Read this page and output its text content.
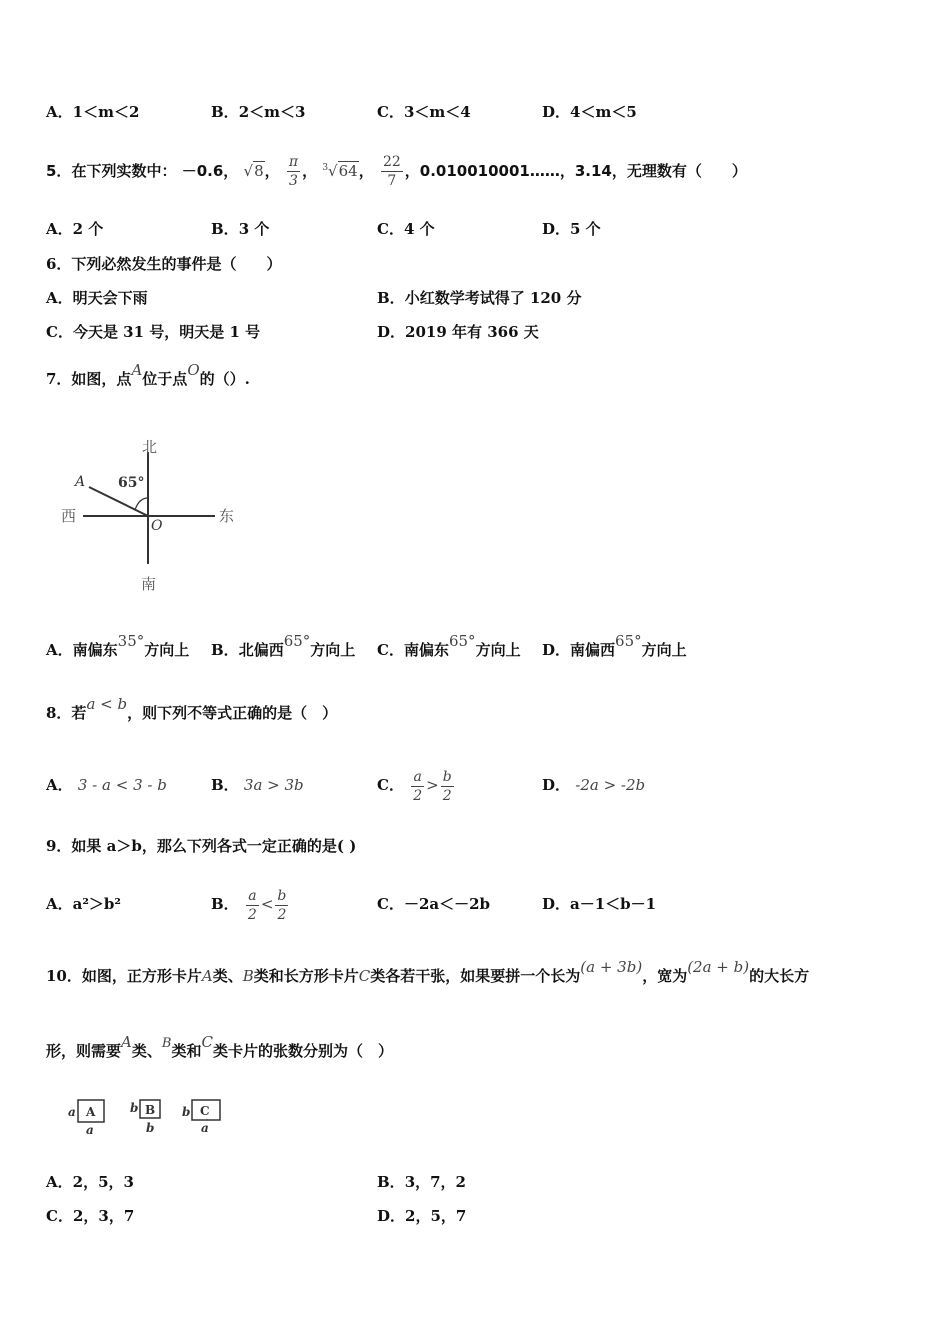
A．1＜m＜2	B．2＜m＜3	C．3＜m＜4	D．4＜m＜5
5．在下列实数中： －0.6， √8， $\frac{\pi}{3}$ ， $^3$√64， $\frac{22}{7}$ ，0.010010001……，3.14，无理数有（　　）
A．2 个	B．3 个	C．4 个	D．5 个
6．下列必然发生的事件是（　　）
A．明天会下雨	B．小红数学考试得了 120 分
C．今天是 31 号，明天是 1 号	D．2019 年有 366 天
7．如图，点A位于点O的（）.
北
南
东
西
65°
A
O
A．南偏东35°方向上 B．北偏西65°方向上 C．南偏东65°方向上 D．南偏西65°方向上
8．若a < b，则下列不等式正确的是（　）
A． 3 - a < 3 - b	B． 3a > 3b	C． $\frac{a}{2} > \frac{b}{2}$	D． -2a > -2b
9．如果 a＞b，那么下列各式一定正确的是( )
A．a²＞b²	B． $\frac{a}{2} < \frac{b}{2}$	C．－2a＜－2b	D．a－1＜b－1
10．如图，正方形卡片A类、B类和长方形卡片C类各若干张，如果要拼一个长为(a + 3b)，宽为(2a + b)的大长方
形，则需要A类、B类和C类卡片的张数分别为（　）
a A
a
b B
b
b C
a
A．2，5，3	B．3，7，2
C．2，3，7	D．2，5，7
